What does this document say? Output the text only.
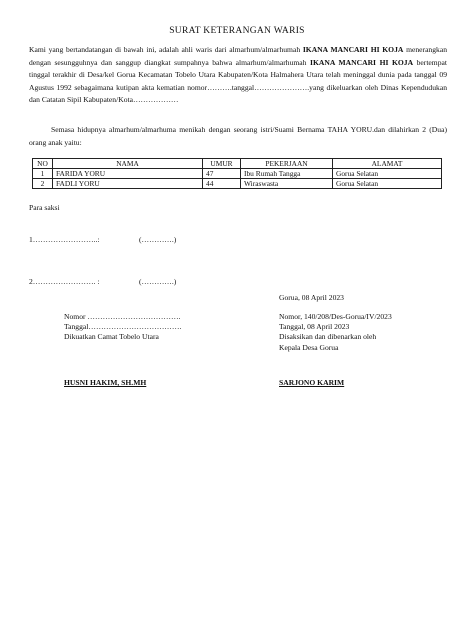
SURAT KETERANGAN WARIS
Kami yang bertandatangan di bawah ini, adalah ahli waris dari almarhum/almarhumah IKANA MANCARI HI KOJA menerangkan dengan sesungguhnya dan sanggup diangkat sumpahnya bahwa almarhum/almarhumah IKANA MANCARI HI KOJA bertempat tinggal terakhir di Desa/kel Gorua Kecamatan Tobelo Utara Kabupaten/Kota Halmahera Utara telah meninggal dunia pada tanggal 09 Agustus 1992 sebagaimana kutipan akta kematian nomor……….tanggal………………….yang dikeluarkan oleh Dinas Kependudukan dan Catatan Sipil Kabupaten/Kota………………
Semasa hidupnya almarhum/almarhuma menikah dengan seorang istri/Suami Bernama TAHA YORU.dan dilahirkan 2 (Dua) orang anak yaitu:
NO	NAMA	UMUR	PEKERJAAN	ALAMAT
1	FARIDA YORU	47	Ibu Rumah Tangga	Gorua Selatan
2	FADLI YORU	44	Wiraswasta	Gorua Selatan
Para saksi
1……………………..:	(………….)
2……………………. :	(………….)
Gorua, 08 April 2023
Nomor ……………………………….
Tanggal……………………………….
Dikuatkan Camat Tobelo Utara
Nomor, 140/208/Des-Gorua/IV/2023
Tanggal, 08 April 2023
Disaksikan dan dibenarkan oleh
Kepala Desa Gorua
HUSNI HAKIM, SH.MH	SARJONO KARIM
